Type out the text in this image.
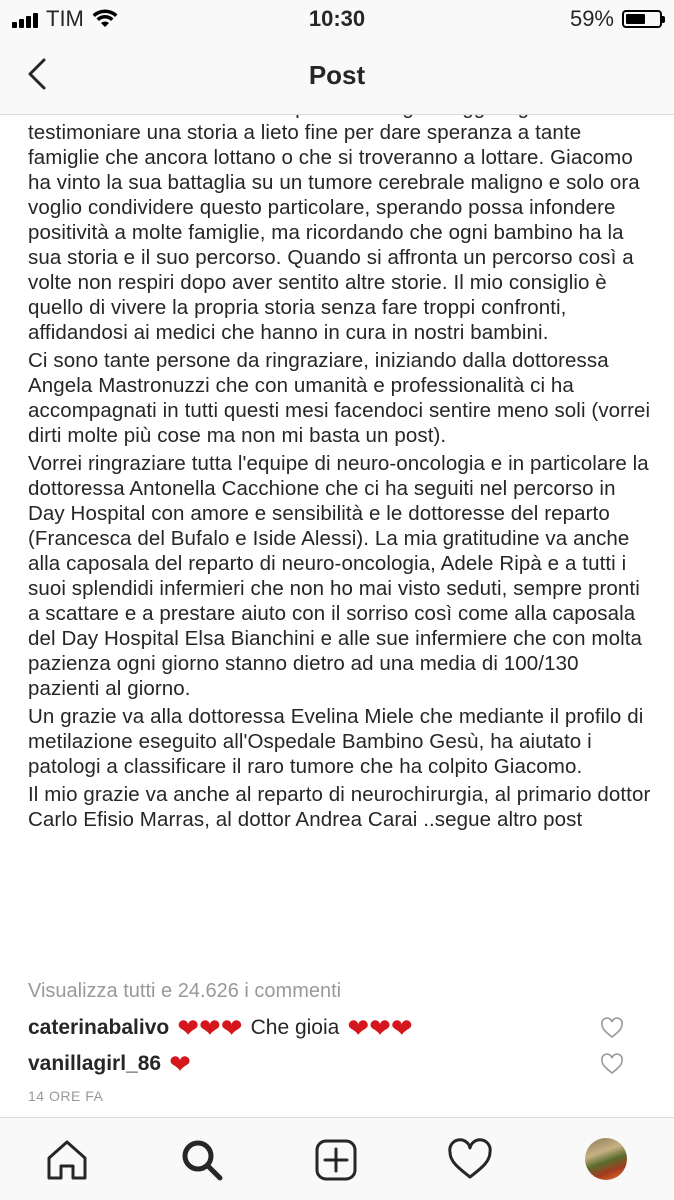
TIM	10:30	59%
Post

testimoniare una storia a lieto fine per dare speranza a tante famiglie che ancora lottano o che si troveranno a lottare. Giacomo ha vinto la sua battaglia su un tumore cerebrale maligno e solo ora voglio condividere questo particolare, sperando possa infondere positività a molte famiglie, ma ricordando che ogni bambino ha la sua storia e il suo percorso. Quando si affronta un percorso così a volte non respiri dopo aver sentito altre storie. Il mio consiglio è quello di vivere la propria storia senza fare troppi confronti, affidandosi ai medici che hanno in cura in nostri bambini.

Ci sono tante persone da ringraziare, iniziando dalla dottoressa Angela Mastronuzzi che con umanità e professionalità ci ha accompagnati in tutti questi mesi facendoci sentire meno soli (vorrei dirti molte più cose ma non mi basta un post).

Vorrei ringraziare tutta l'equipe di neuro-oncologia e in particolare la dottoressa Antonella Cacchione che ci ha seguiti nel percorso in Day Hospital con amore e sensibilità e le dottoresse del reparto (Francesca del Bufalo e Iside Alessi). La mia gratitudine va anche alla caposala del reparto di neuro-oncologia, Adele Ripà e a tutti i suoi splendidi infermieri che non ho mai visto seduti, sempre pronti a scattare e a prestare aiuto con il sorriso così come alla caposala del Day Hospital Elsa Bianchini e alle sue infermiere che con molta pazienza ogni giorno stanno dietro ad una media di 100/130 pazienti al giorno.

Un grazie va alla dottoressa Evelina Miele che mediante il profilo di metilazione eseguito all'Ospedale Bambino Gesù, ha aiutato i patologi a classificare il raro tumore che ha colpito Giacomo.

Il mio grazie va anche al reparto di neurochirurgia, al primario dottor Carlo Efisio Marras, al dottor Andrea Carai ..segue altro post

Visualizza tutti e 24.626 i commenti
caterinabalivo ❤❤❤ Che gioia ❤❤❤
vanillagirl_86 ❤
14 ORE FA
